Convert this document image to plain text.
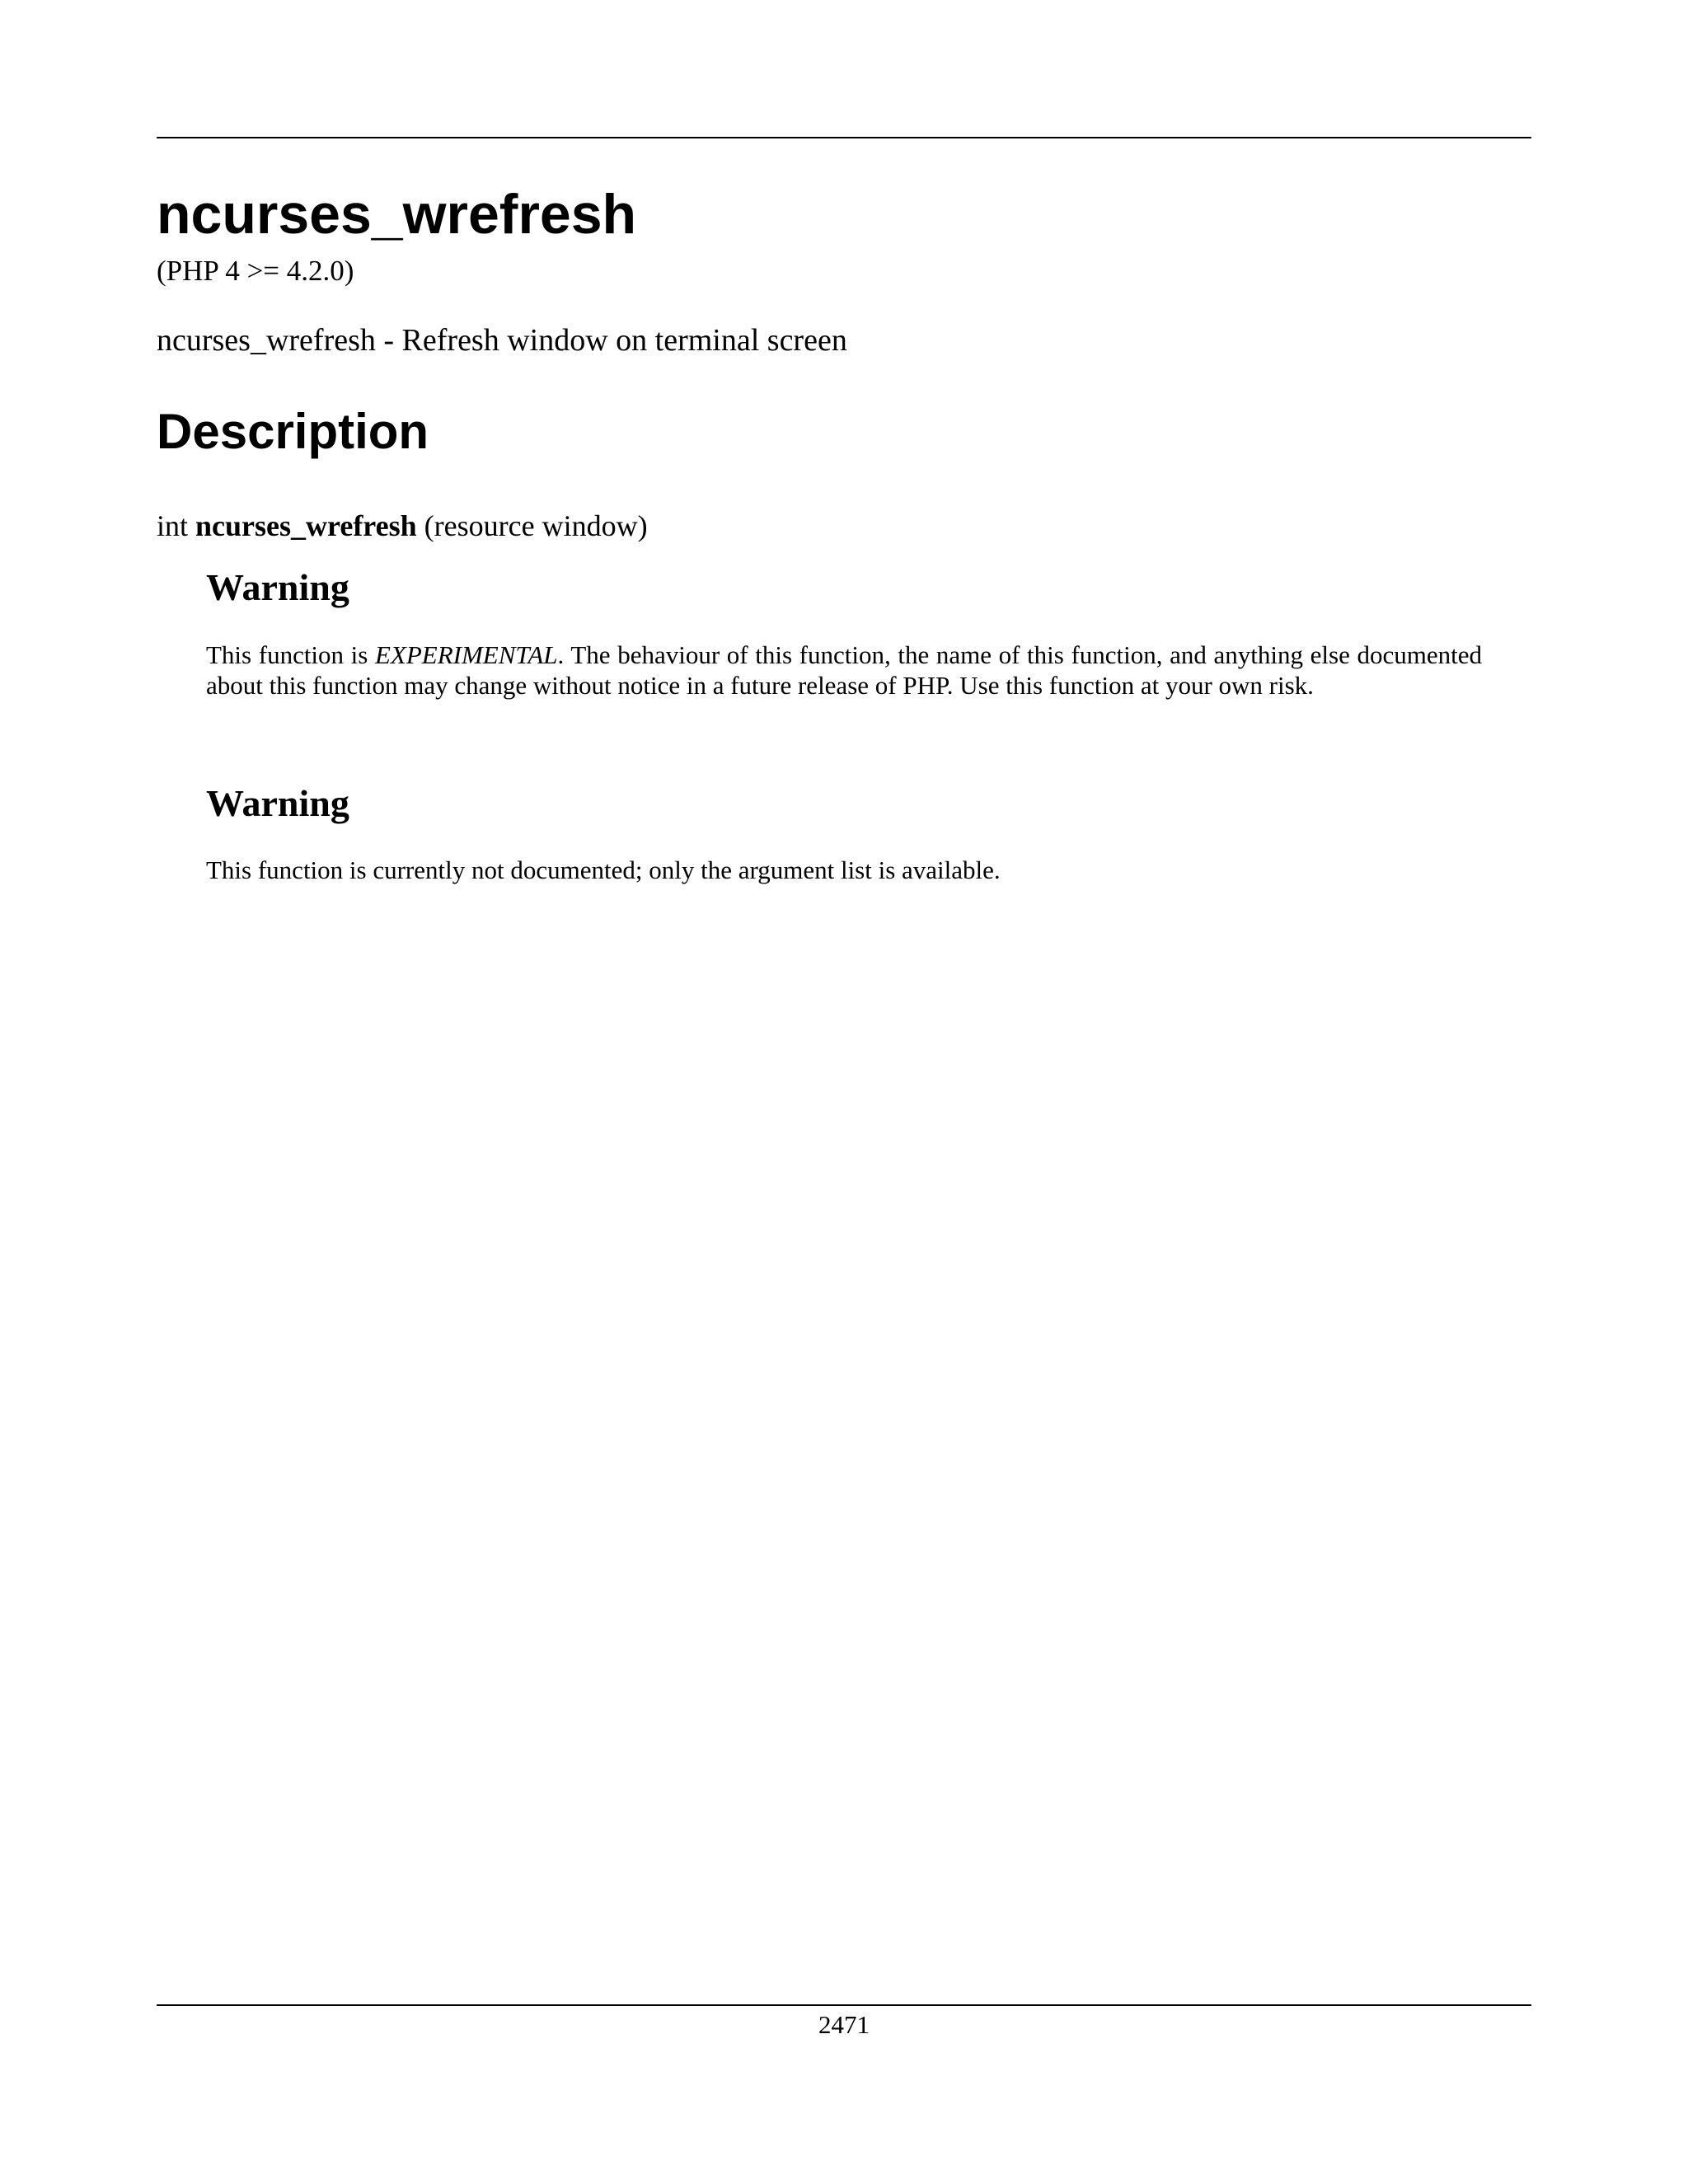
ncurses_wrefresh
(PHP 4 >= 4.2.0)
ncurses_wrefresh - Refresh window on terminal screen
Description
int ncurses_wrefresh (resource window)
Warning

This function is EXPERIMENTAL. The behaviour of this function, the name of this function, and anything else documented about this function may change without notice in a future release of PHP. Use this function at your own risk.

Warning

This function is currently not documented; only the argument list is available.

2471
